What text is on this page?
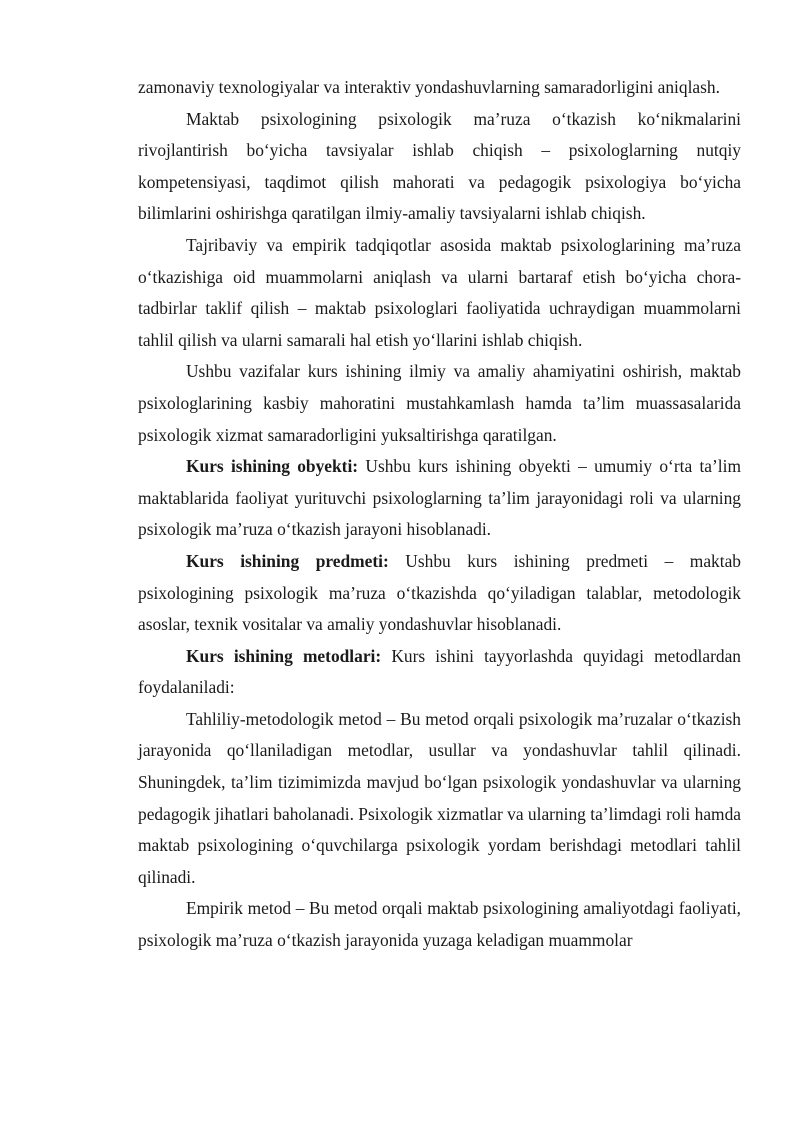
zamonaviy texnologiyalar va interaktiv yondashuvlarning samaradorligini aniqlash.

Maktab psixologining psixologik ma’ruza o‘tkazish ko‘nikmalarini rivojlantirish bo‘yicha tavsiyalar ishlab chiqish – psixologlarning nutqiy kompetensiyasi, taqdimot qilish mahorati va pedagogik psixologiya bo‘yicha bilimlarini oshirishga qaratilgan ilmiy-amaliy tavsiyalarni ishlab chiqish.

Tajribaviy va empirik tadqiqotlar asosida maktab psixologlarining ma’ruza o‘tkazishiga oid muammolarni aniqlash va ularni bartaraf etish bo‘yicha chora-tadbirlar taklif qilish – maktab psixologlari faoliyatida uchraydigan muammolarni tahlil qilish va ularni samarali hal etish yo‘llarini ishlab chiqish.

Ushbu vazifalar kurs ishining ilmiy va amaliy ahamiyatini oshirish, maktab psixologlarining kasbiy mahoratini mustahkamlash hamda ta’lim muassasalarida psixologik xizmat samaradorligini yuksaltirishga qaratilgan.

Kurs ishining obyekti: Ushbu kurs ishining obyekti – umumiy o‘rta ta’lim maktablarida faoliyat yurituvchi psixologlarning ta’lim jarayonidagi roli va ularning psixologik ma’ruza o‘tkazish jarayoni hisoblanadi.

Kurs ishining predmeti: Ushbu kurs ishining predmeti – maktab psixologining psixologik ma’ruza o‘tkazishda qo‘yiladigan talablar, metodologik asoslar, texnik vositalar va amaliy yondashuvlar hisoblanadi.

Kurs ishining metodlari: Kurs ishini tayyorlashda quyidagi metodlardan foydalaniladi:

Tahliliy-metodologik metod – Bu metod orqali psixologik ma’ruzalar o‘tkazish jarayonida qo‘llaniladigan metodlar, usullar va yondashuvlar tahlil qilinadi. Shuningdek, ta’lim tizimimizda mavjud bo‘lgan psixologik yondashuvlar va ularning pedagogik jihatlari baholanadi. Psixologik xizmatlar va ularning ta’limdagi roli hamda maktab psixologining o‘quvchilarga psixologik yordam berishdagi metodlari tahlil qilinadi.

Empirik metod – Bu metod orqali maktab psixologining amaliyotdagi faoliyati, psixologik ma’ruza o‘tkazish jarayonida yuzaga keladigan muammolar
